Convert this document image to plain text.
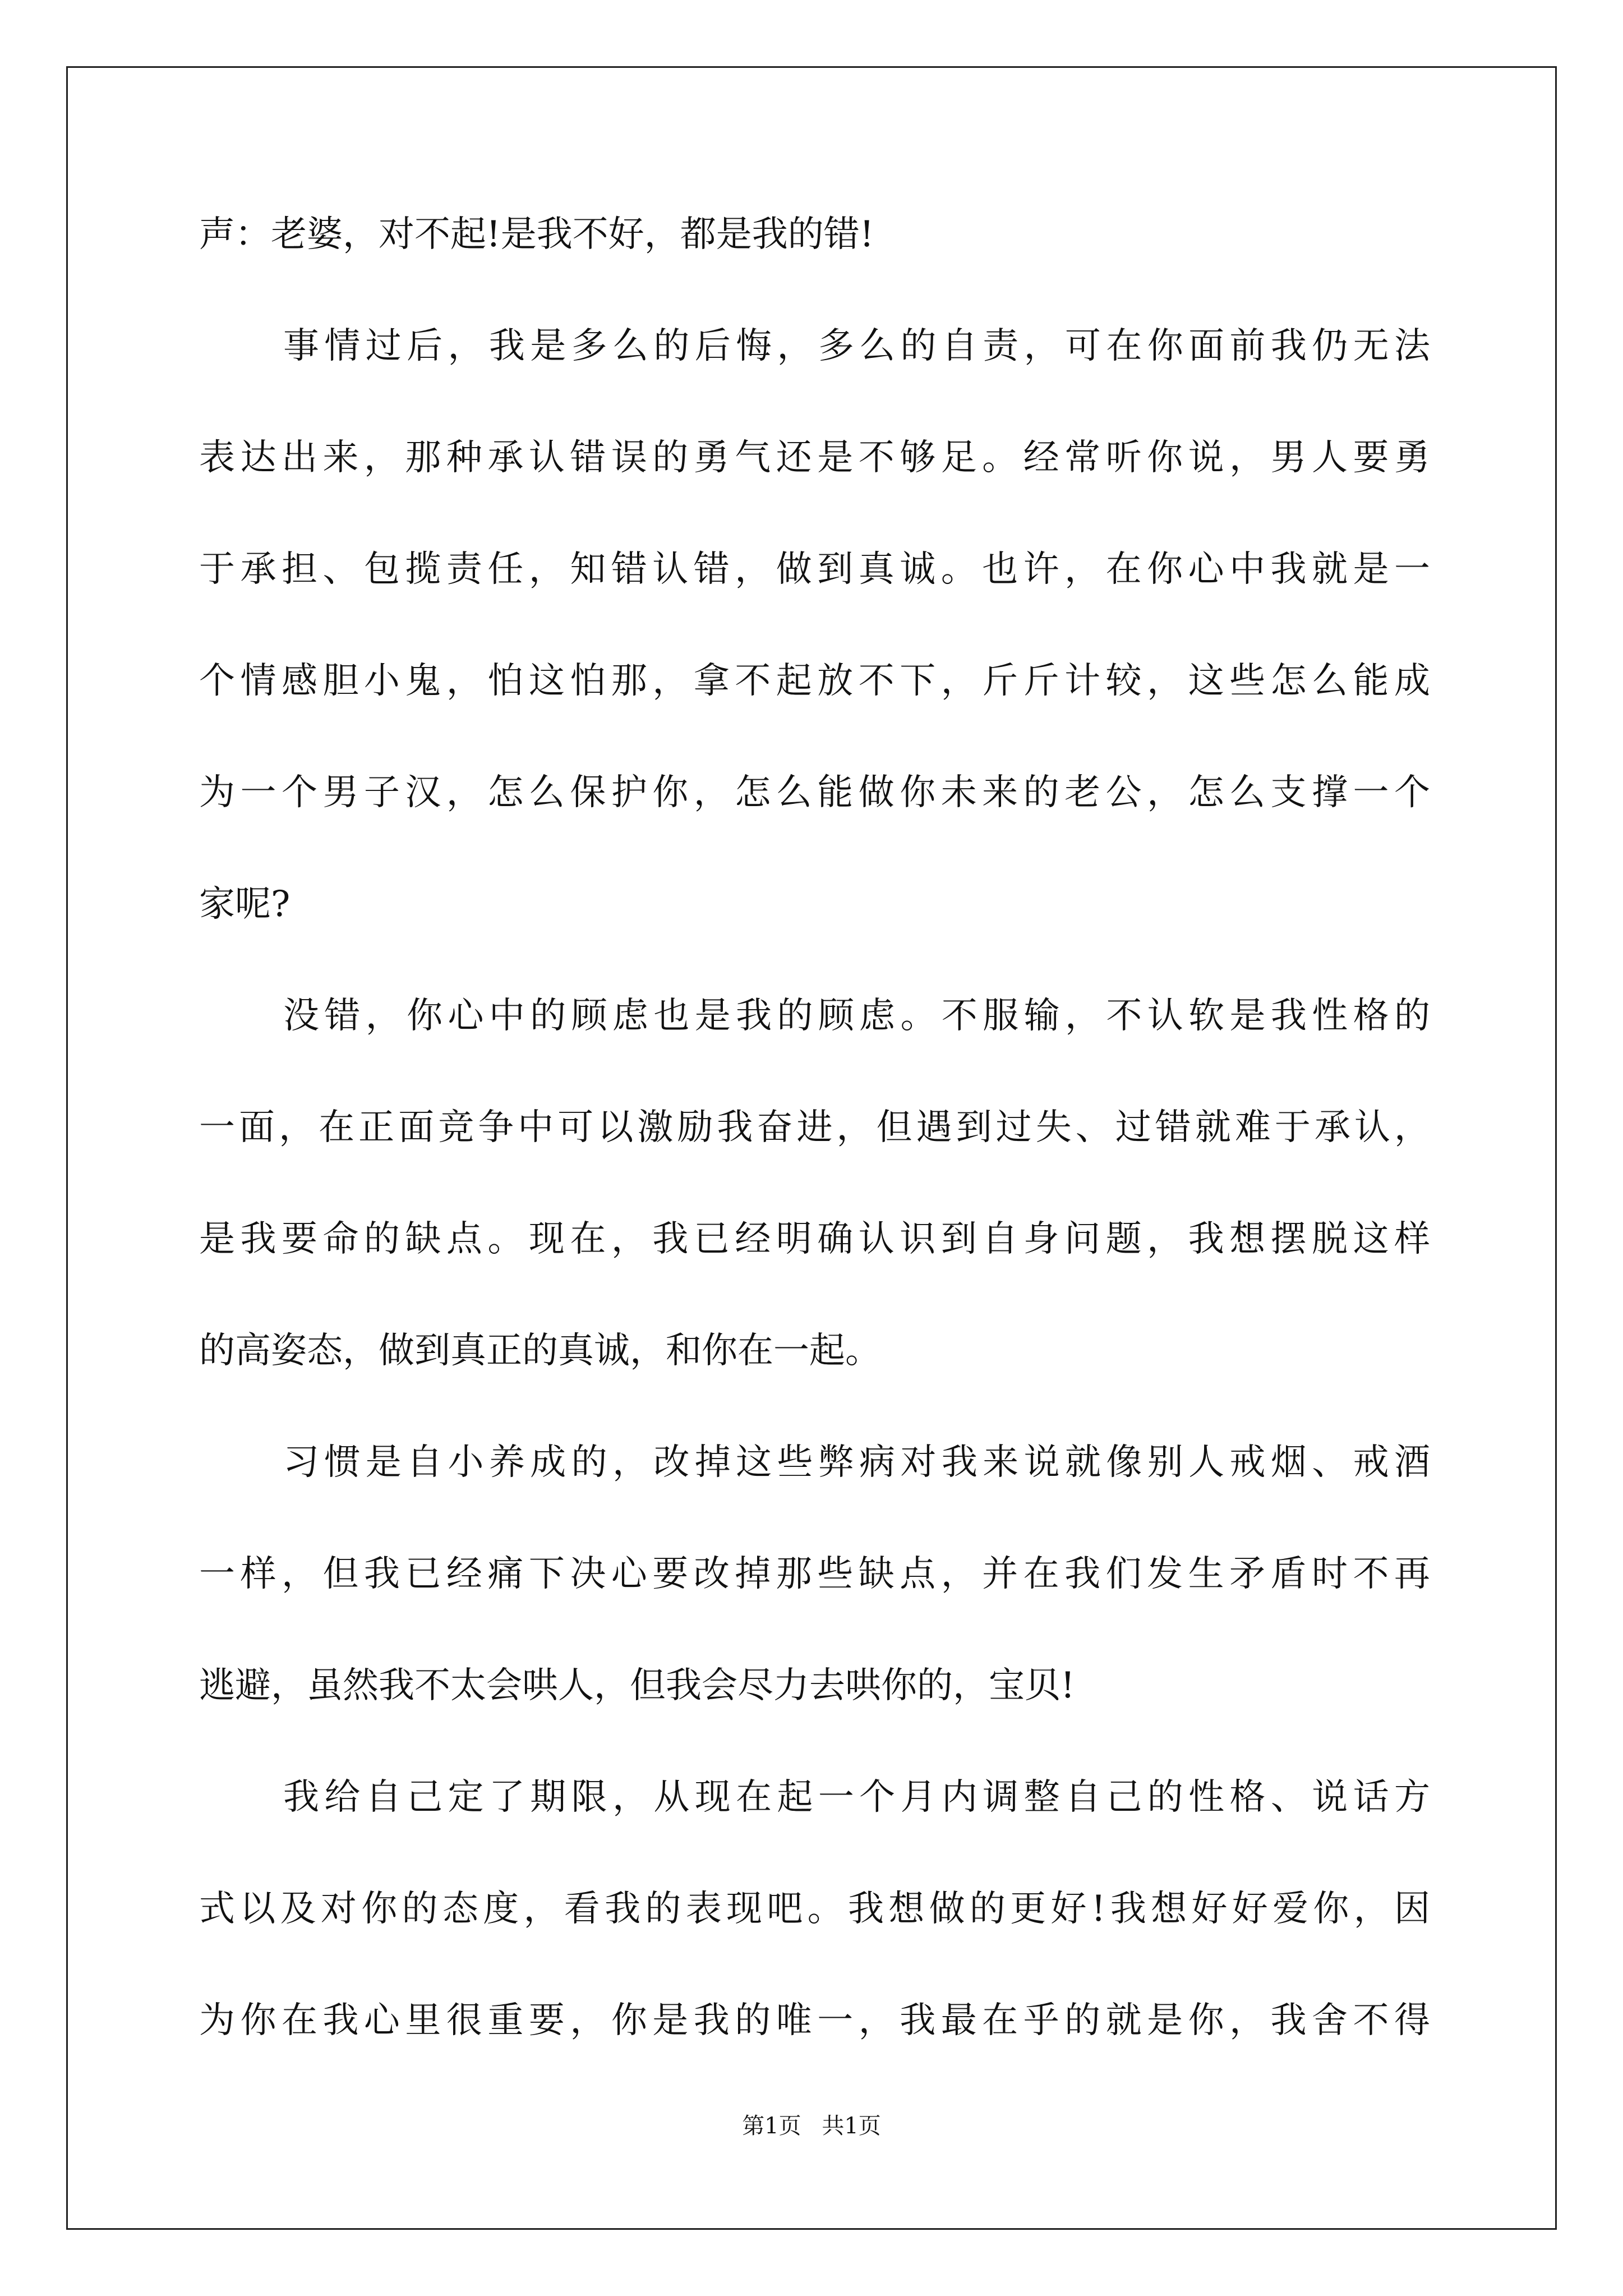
声：老婆，对不起!是我不好，都是我的错!
事情过后，我是多么的后悔，多么的自责，可在你面前我仍无法
表达出来，那种承认错误的勇气还是不够足。经常听你说，男人要勇
于承担、包揽责任，知错认错，做到真诚。也许，在你心中我就是一
个情感胆小鬼，怕这怕那，拿不起放不下，斤斤计较，这些怎么能成
为一个男子汉，怎么保护你，怎么能做你未来的老公，怎么支撑一个
家呢?
没错，你心中的顾虑也是我的顾虑。不服输，不认软是我性格的
一面，在正面竞争中可以激励我奋进，但遇到过失、过错就难于承认，
是我要命的缺点。现在，我已经明确认识到自身问题，我想摆脱这样
的高姿态，做到真正的真诚，和你在一起。
习惯是自小养成的，改掉这些弊病对我来说就像别人戒烟、戒酒
一样，但我已经痛下决心要改掉那些缺点，并在我们发生矛盾时不再
逃避，虽然我不太会哄人，但我会尽力去哄你的，宝贝!
我给自己定了期限，从现在起一个月内调整自己的性格、说话方
式以及对你的态度，看我的表现吧。我想做的更好!我想好好爱你，因
为你在我心里很重要，你是我的唯一，我最在乎的就是你，我舍不得
第1页 共1页
